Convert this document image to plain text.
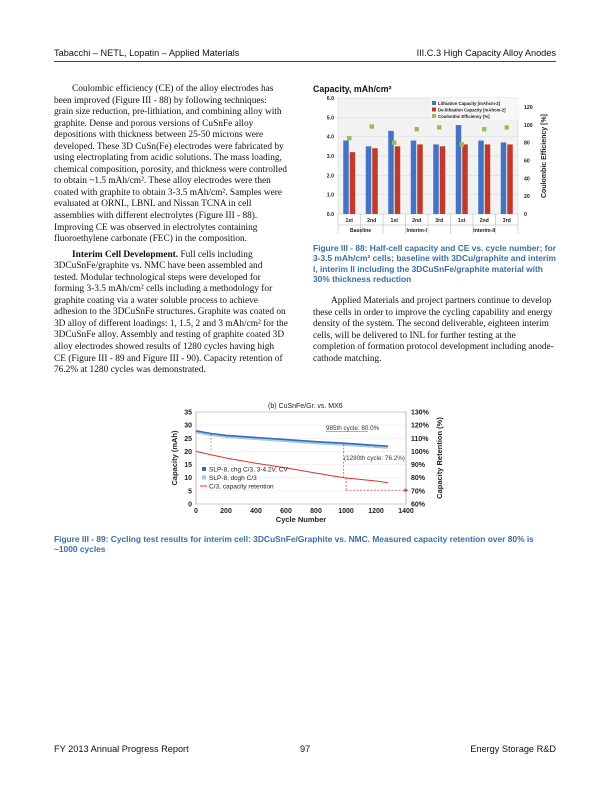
Tabacchi – NETL, Lopatin – Applied Materials	III.C.3 High Capacity Alloy Anodes

Coulombic efficiency (CE) of the alloy electrodes has been improved (Figure III - 88) by following techniques: grain size reduction, pre-lithiation, and combining alloy with graphite. Dense and porous versions of CuSnFe alloy depositions with thickness between 25-50 microns were developed. These 3D CuSn(Fe) electrodes were fabricated by using electroplating from acidic solutions. The mass loading, chemical composition, porosity, and thickness were controlled to obtain ~1.5 mAh/cm². These alloy electrodes were then coated with graphite to obtain 3-3.5 mAh/cm². Samples were evaluated at ORNL, LBNL and Nissan TCNA in cell assemblies with different electrolytes (Figure III - 88). Improving CE was observed in electrolytes containing fluoroethylene carbonate (FEC) in the composition.

Interim Cell Development. Full cells including 3DCuSnFe/graphite vs. NMC have been assembled and tested. Modular technological steps were developed for forming 3-3.5 mAh/cm² cells including a methodology for graphite coating via a water soluble process to achieve adhesion to the 3DCuSnFe structures. Graphite was coated on 3D alloy of different loadings: 1, 1.5, 2 and 3 mAh/cm² for the 3DCuSnFe alloy. Assembly and testing of graphite coated 3D alloy electrodes showed results of 1280 cycles having high CE (Figure III - 89 and Figure III - 90). Capacity retention of 76.2% at 1280 cycles was demonstrated.

Capacity, mAh/cm²
6.0
5.0
4.0
3.0
2.0
1.0
0.0
120
100
80
60
40
20
0
1st	2nd	1st	2nd	3rd	1st	2nd	3rd
Baseline	Interim-I	Interim-II
Lithiation Capacity [mAhcm-2]
De-lithiation Capacity [mAhcm-2]
Coulombic Efficiency [%]	Coulombic Efficiency [%]
Figure III - 88: Half-cell capacity and CE vs. cycle number; for 3-3.5 mAh/cm² cells; baseline with 3DCu/graphite and interim I, interim II including the 3DCuSnFe/graphite material with 30% thickness reduction

Applied Materials and project partners continue to develop these cells in order to improve the cycling capability and energy density of the system. The second deliverable, eighteen interim cells, will be delivered to INL for further testing at the completion of formation protocol development including anode-cathode matching.

(b) CuSnFe/Gr. vs. MX6
35
30
25
20
15
10
5
0
130%
120%
110%
100%
90%
80%
70%
60%
0	200	400	600	800 1000 1200 1400
985th cycle: 80.0%
(1280th cycle: 76.2%)
SLP-8, chg C/3, 3-4.2V, CV
SLP-8, dcgh C/3
C/3, capacity retention
Cycle Number
Capacity (mAh)	Capacity Retention (%)
Figure III - 89: Cycling test results for interim cell: 3DCuSnFe/Graphite vs. NMC. Measured capacity retention over 80% is ~1000 cycles
FY 2013 Annual Progress Report	97	Energy Storage R&D
